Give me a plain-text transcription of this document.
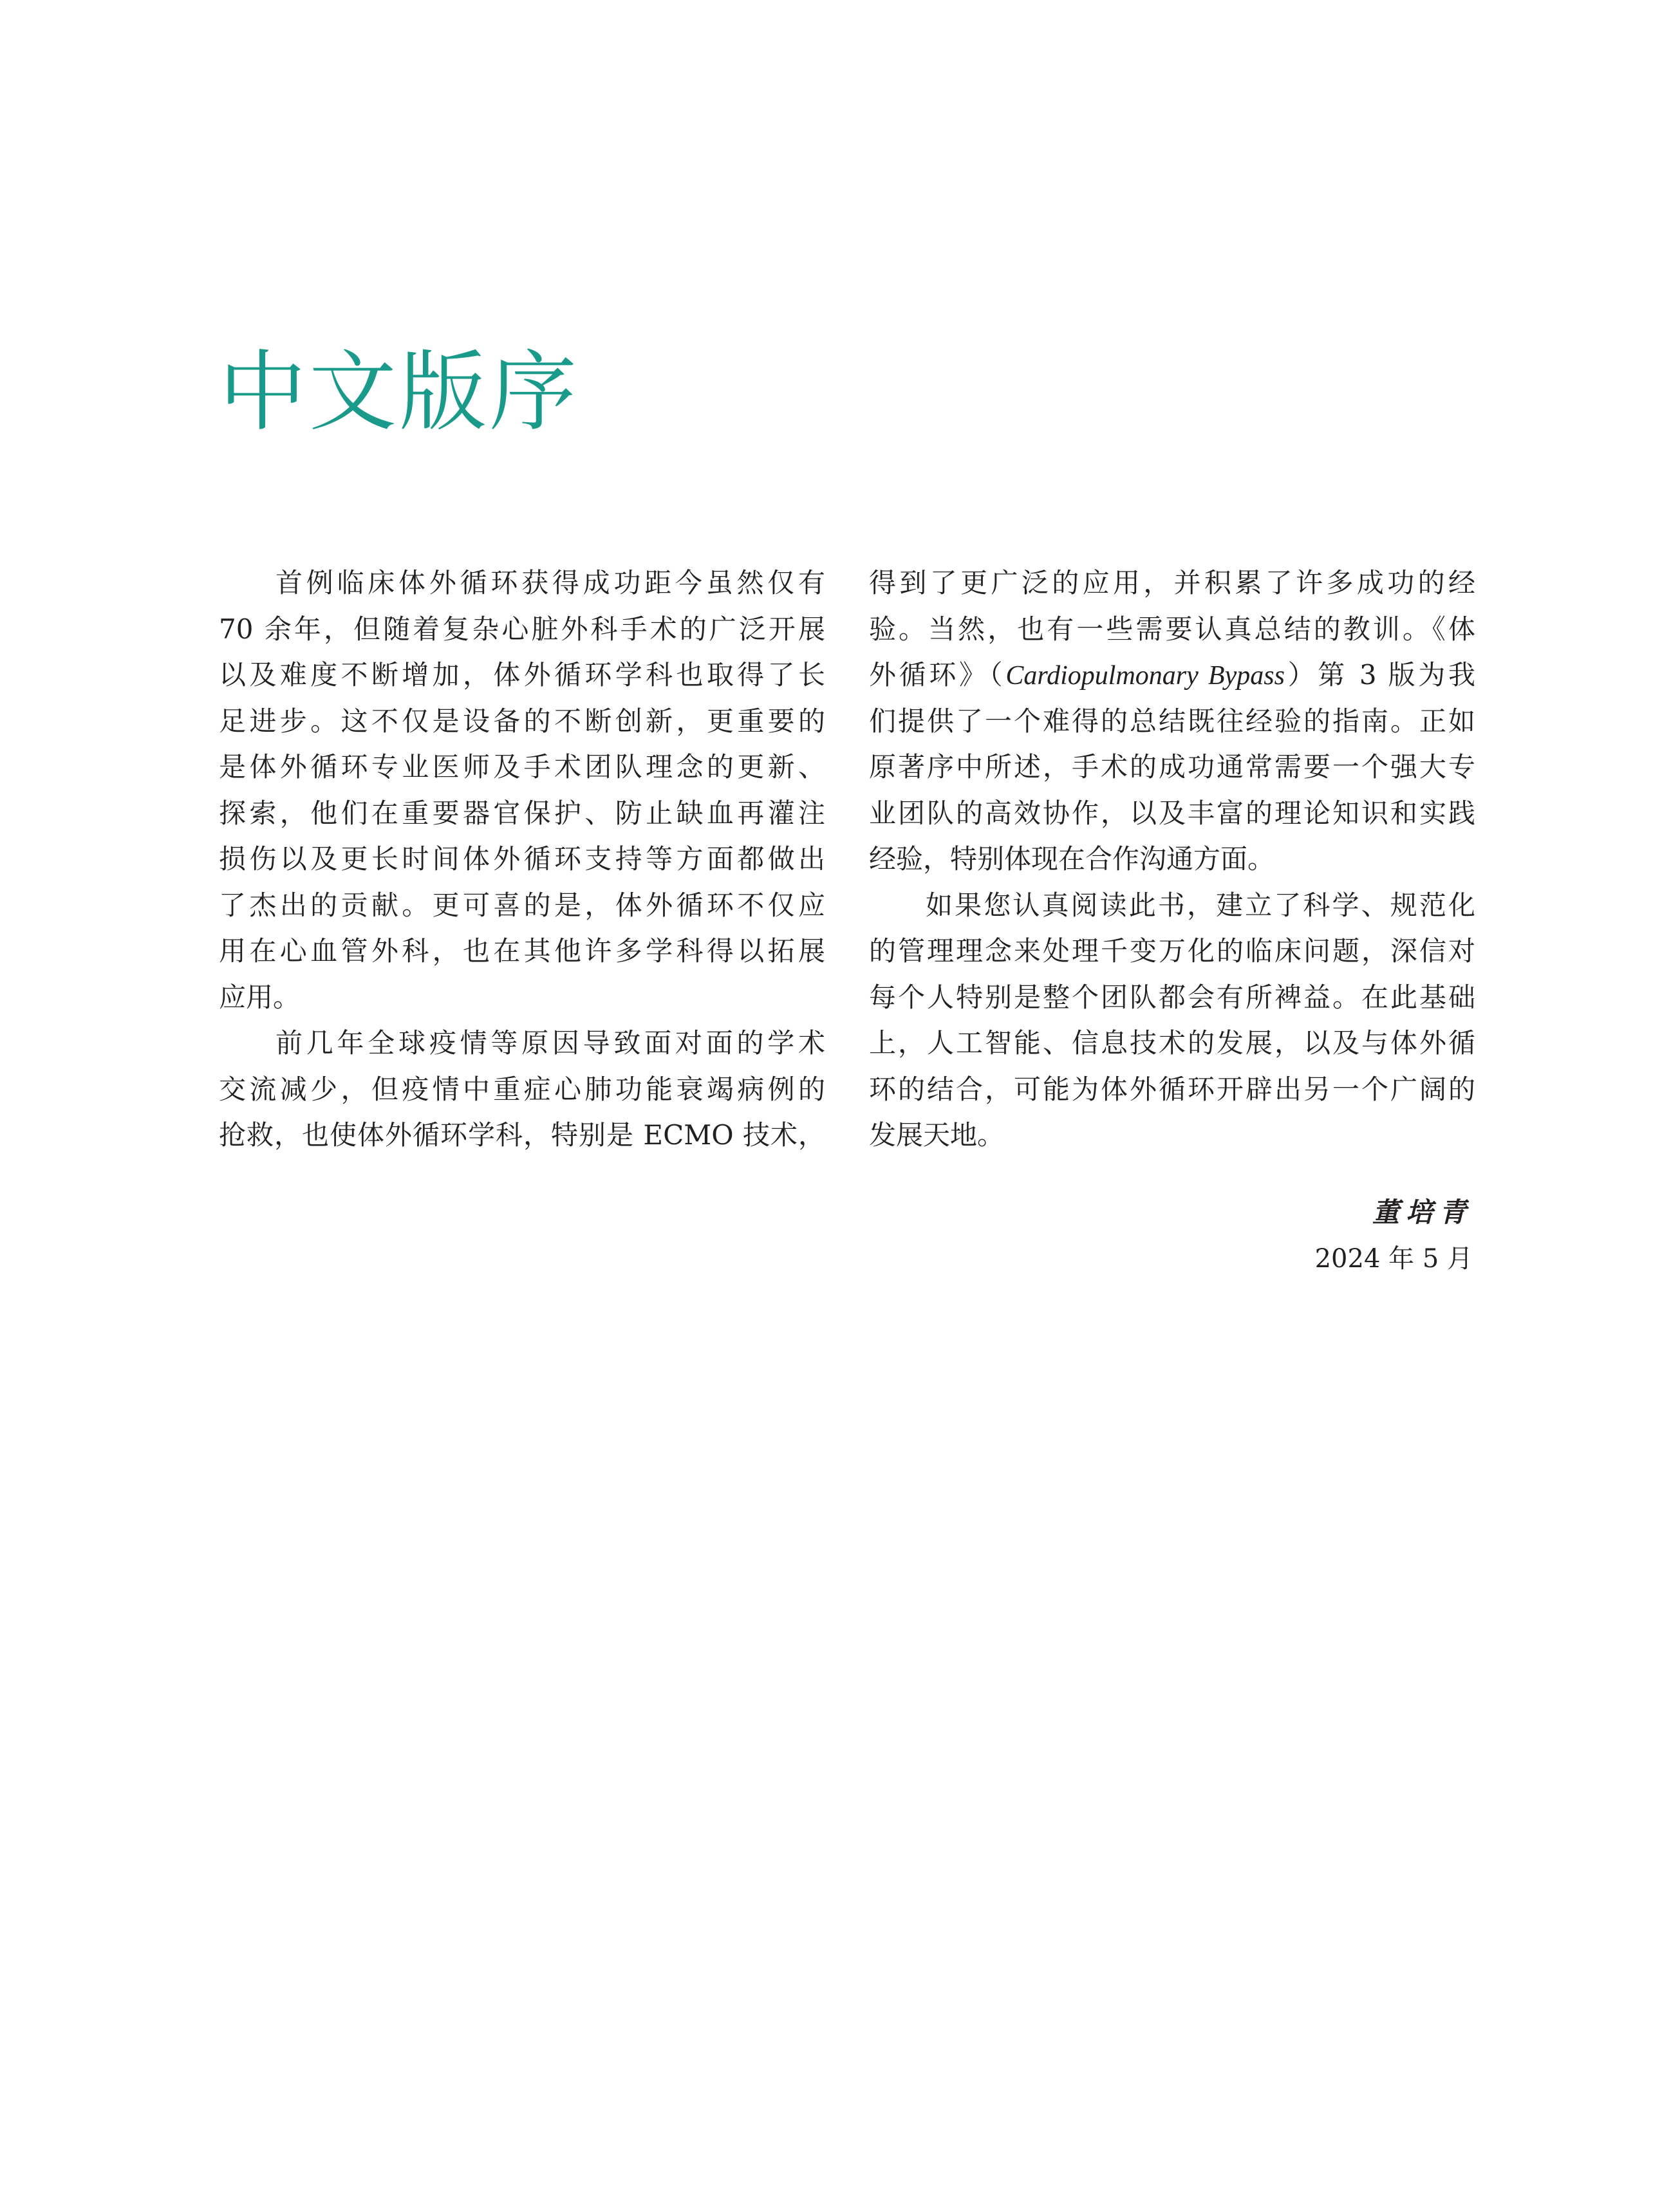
中文版序
首例临床体外循环获得成功距今虽然仅有
70 余年，但随着复杂心脏外科手术的广泛开展
以及难度不断增加，体外循环学科也取得了长
足进步。这不仅是设备的不断创新，更重要的
是体外循环专业医师及手术团队理念的更新、
探索，他们在重要器官保护、防止缺血再灌注
损伤以及更长时间体外循环支持等方面都做出
了杰出的贡献。更可喜的是，体外循环不仅应
用在心血管外科，也在其他许多学科得以拓展
应用。
前几年全球疫情等原因导致面对面的学术
交流减少，但疫情中重症心肺功能衰竭病例的
抢救，也使体外循环学科，特别是 ECMO 技术，
得到了更广泛的应用，并积累了许多成功的经
验。当然，也有一些需要认真总结的教训。《体
外循环》（Cardiopulmonary Bypass）第 3 版为我
们提供了一个难得的总结既往经验的指南。正如
原著序中所述，手术的成功通常需要一个强大专
业团队的高效协作，以及丰富的理论知识和实践
经验，特别体现在合作沟通方面。
如果您认真阅读此书，建立了科学、规范化
的管理理念来处理千变万化的临床问题，深信对
每个人特别是整个团队都会有所裨益。在此基础
上，人工智能、信息技术的发展，以及与体外循
环的结合，可能为体外循环开辟出另一个广阔的
发展天地。
董培青
2024 年 5 月
